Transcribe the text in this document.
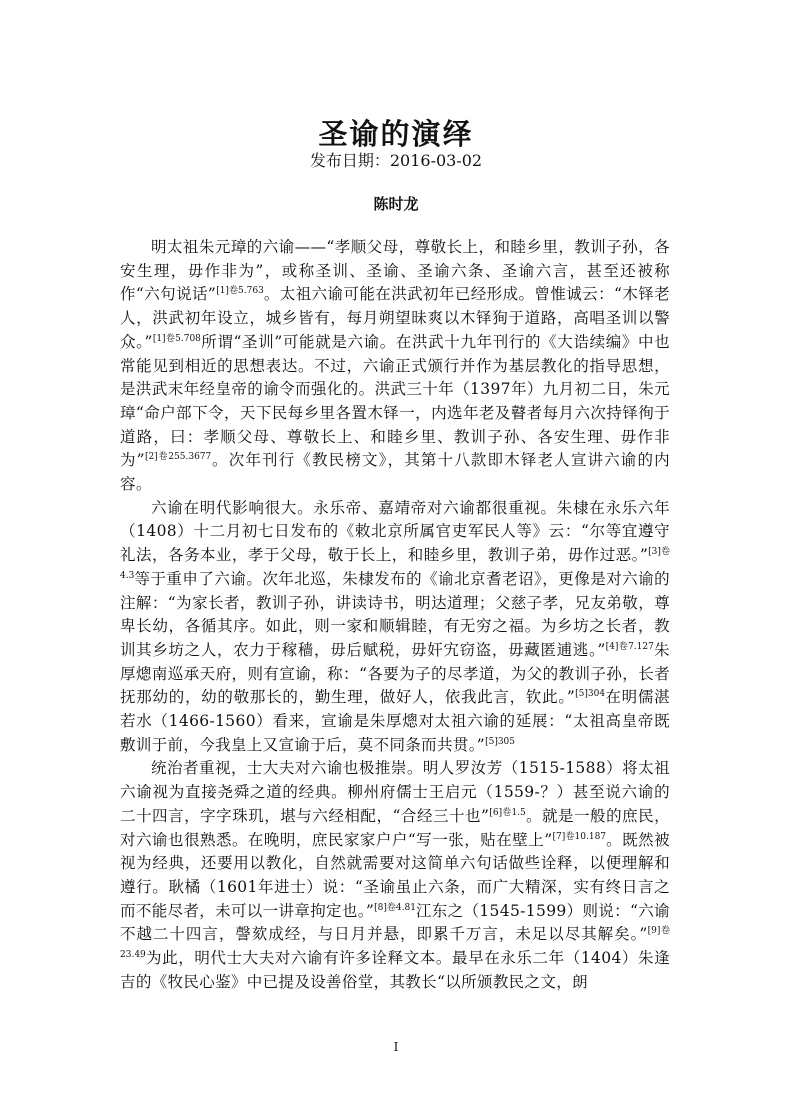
圣谕的演绎
发布日期：2016-03-02
陈时龙

明太祖朱元璋的六谕——“孝顺父母，尊敬长上，和睦乡里，教训子孙，各安生理，毋作非为”，或称圣训、圣谕、圣谕六条、圣谕六言，甚至还被称作“六句说话”$^{[1]卷5.763}$。太祖六谕可能在洪武初年已经形成。曾惟诚云：“木铎老人，洪武初年设立，城乡皆有，每月朔望昧爽以木铎狥于道路，高唱圣训以警众。”$^{[1]卷5.708}$所谓“圣训”可能就是六谕。在洪武十九年刊行的《大诰续编》中也常能见到相近的思想表达。不过，六谕正式颁行并作为基层教化的指导思想，是洪武末年经皇帝的谕令而强化的。洪武三十年（1397年）九月初二日，朱元璋“命户部下令，天下民每乡里各置木铎一，内选年老及瞽者每月六次持铎徇于道路，曰：孝顺父母、尊敬长上、和睦乡里、教训子孙、各安生理、毋作非为”$^{[2]卷255.3677}$。次年刊行《教民榜文》，其第十八款即木铎老人宣讲六谕的内容。

六谕在明代影响很大。永乐帝、嘉靖帝对六谕都很重视。朱棣在永乐六年（1408）十二月初七日发布的《敕北京所属官吏军民人等》云：“尔等宜遵守礼法，各务本业，孝于父母，敬于长上，和睦乡里，教训子弟，毋作过恶。”$^{[3]卷4.3}$等于重申了六谕。次年北巡，朱棣发布的《谕北京耆老诏》，更像是对六谕的注解：“为家长者，教训子孙，讲读诗书，明达道理；父慈子孝，兄友弟敬，尊卑长幼，各循其序。如此，则一家和顺辑睦，有无穷之福。为乡坊之长者，教训其乡坊之人，农力于稼穑，毋后赋税，毋奸宄窃盗，毋藏匿逋逃。”$^{[4]卷7.127}$朱厚熜南巡承天府，则有宣谕，称：“各要为子的尽孝道，为父的教训子孙，长者抚那幼的，幼的敬那长的，勤生理，做好人，依我此言，钦此。”$^{[5]304}$在明儒湛若水（1466-1560）看来，宣谕是朱厚熜对太祖六谕的延展：“太祖高皇帝既敷训于前，今我皇上又宣谕于后，莫不同条而共贯。”$^{[5]305}$

统治者重视，士大夫对六谕也极推崇。明人罗汝芳（1515-1588）将太祖六谕视为直接尧舜之道的经典。柳州府儒士王启元（1559-？）甚至说六谕的二十四言，字字珠玑，堪与六经相配，“合经三十也”$^{[6]卷1.5}$。就是一般的庶民，对六谕也很熟悉。在晚明，庶民家家户户“写一张，贴在壁上”$^{[7]卷10.187}$。既然被视为经典，还要用以教化，自然就需要对这简单六句话做些诠释，以便理解和遵行。耿橘（1601年进士）说：“圣谕虽止六条，而广大精深，实有终日言之而不能尽者，未可以一讲章拘定也。”$^{[8]卷4.81}$江东之（1545-1599）则说：“六谕不越二十四言，謦欬成经，与日月并悬，即累千万言，未足以尽其解矣。”$^{[9]卷23.49}$为此，明代士大夫对六谕有许多诠释文本。最早在永乐二年（1404）朱逢吉的《牧民心鉴》中已提及设善俗堂，其教长“以所颁教民之文，朗

I
